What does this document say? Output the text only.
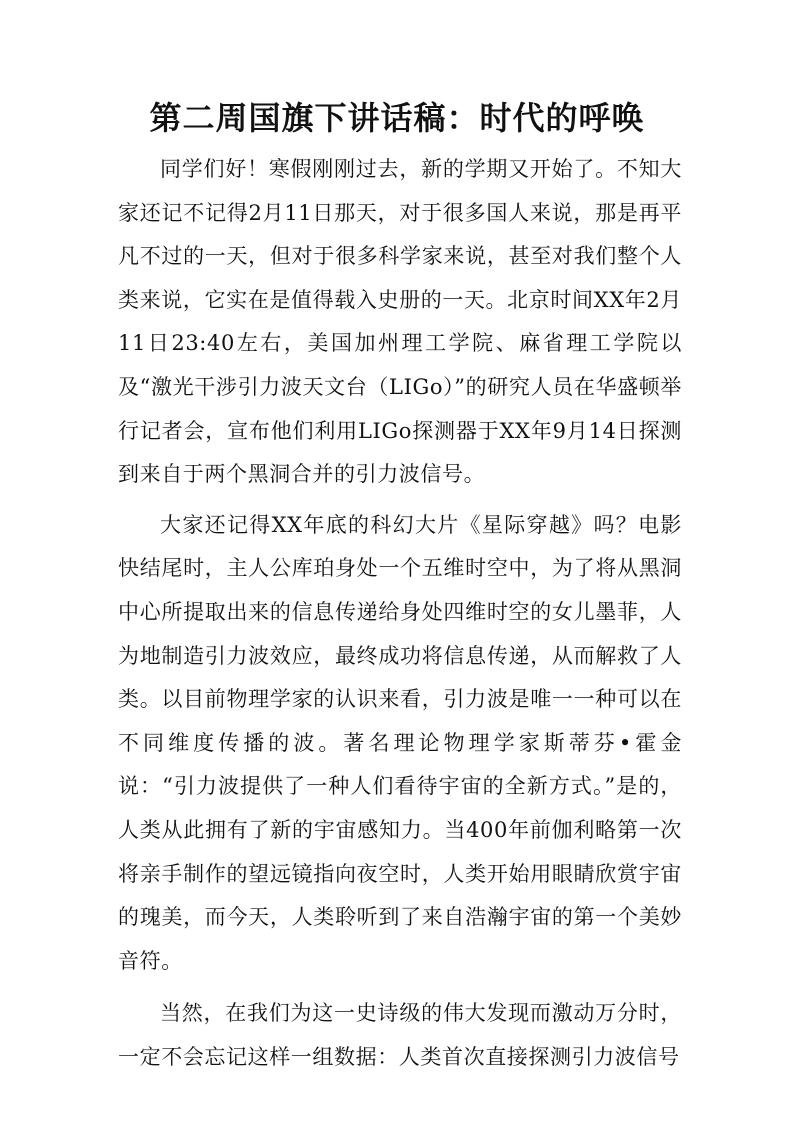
第二周国旗下讲话稿：时代的呼唤

同学们好！寒假刚刚过去，新的学期又开始了。不知大家还记不记得2月11日那天，对于很多国人来说，那是再平凡不过的一天，但对于很多科学家来说，甚至对我们整个人类来说，它实在是值得载入史册的一天。北京时间XX年2月11日23:40左右，美国加州理工学院、麻省理工学院以及“激光干涉引力波天文台（LIGo）”的研究人员在华盛顿举行记者会，宣布他们利用LIGo探测器于XX年9月14日探测到来自于两个黑洞合并的引力波信号。

大家还记得XX年底的科幻大片《星际穿越》吗？电影快结尾时，主人公库珀身处一个五维时空中，为了将从黑洞中心所提取出来的信息传递给身处四维时空的女儿墨菲，人为地制造引力波效应，最终成功将信息传递，从而解救了人类。以目前物理学家的认识来看，引力波是唯一一种可以在不同维度传播的波。著名理论物理学家斯蒂芬•霍金说：“引力波提供了一种人们看待宇宙的全新方式。”是的，人类从此拥有了新的宇宙感知力。当400年前伽利略第一次将亲手制作的望远镜指向夜空时，人类开始用眼睛欣赏宇宙的瑰美，而今天，人类聆听到了来自浩瀚宇宙的第一个美妙音符。

当然，在我们为这一史诗级的伟大发现而激动万分时，一定不会忘记这样一组数据：人类首次直接探测引力波信号
